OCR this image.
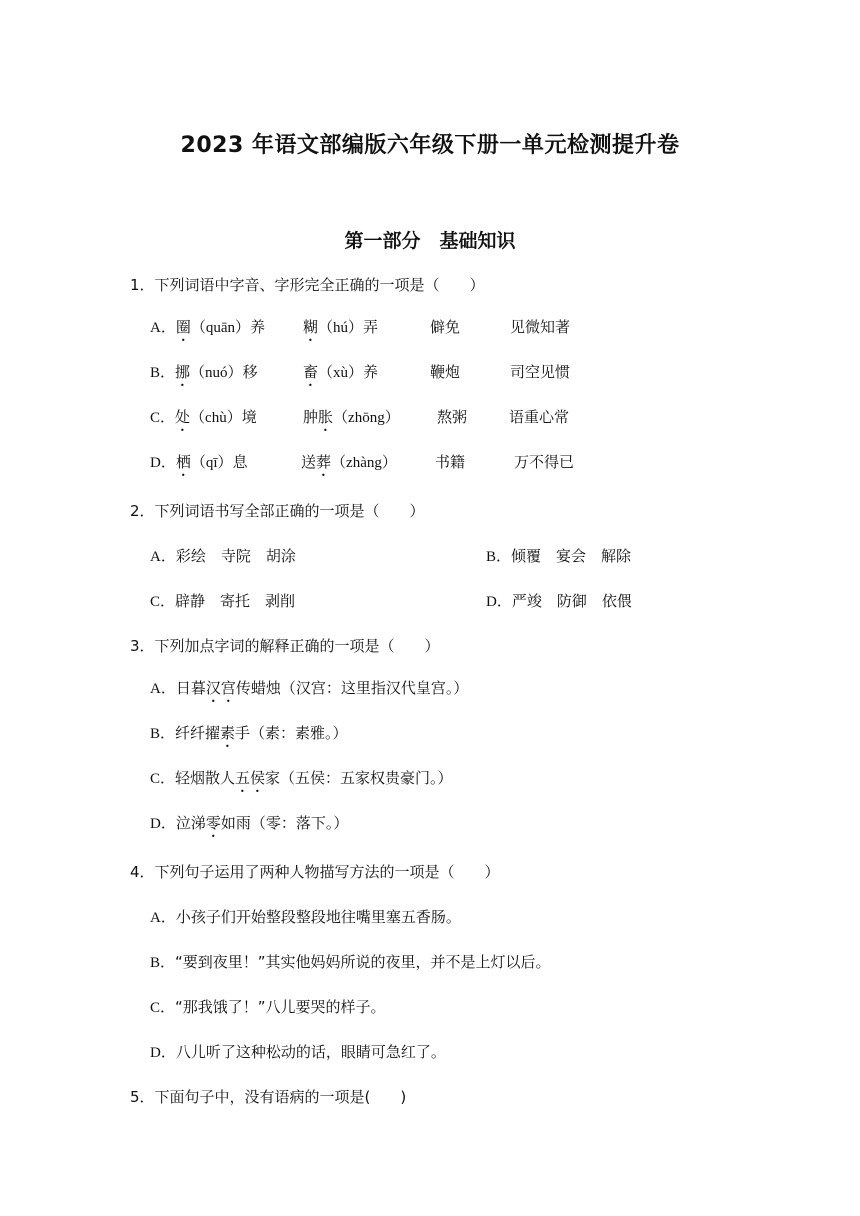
2023 年语文部编版六年级下册一单元检测提升卷
第一部分　基础知识
1．下列词语中字音、字形完全正确的一项是（　　）
A．圈（quān）养	糊（hú）弄	僻免	见微知著
B．挪（nuó）移	畜（xù）养	鞭炮	司空见惯
C．处（chù）境	肿胀（zhōng） 熬粥	语重心常
D．栖（qī）息	送葬（zhàng）	书籍	万不得已
2．下列词语书写全部正确的一项是（　　）
A．彩绘　寺院　胡涂	B．倾覆　宴会　解除
C．辟静　寄托　剥削	D．严竣　防御　依偎
3．下列加点字词的解释正确的一项是（　　）
A．日暮汉宫传蜡烛（汉宫：这里指汉代皇宫。）
B．纤纤擢素手（素：素雅。）
C．轻烟散人五侯家（五侯：五家权贵豪门。）
D．泣涕零如雨（零：落下。）
4．下列句子运用了两种人物描写方法的一项是（　　）
A．小孩子们开始整段整段地往嘴里塞五香肠。
B．“要到夜里！”其实他妈妈所说的夜里，并不是上灯以后。
C．“那我饿了！”八儿要哭的样子。
D．八儿听了这种松动的话，眼睛可急红了。
5．下面句子中，没有语病的一项是(　　)
